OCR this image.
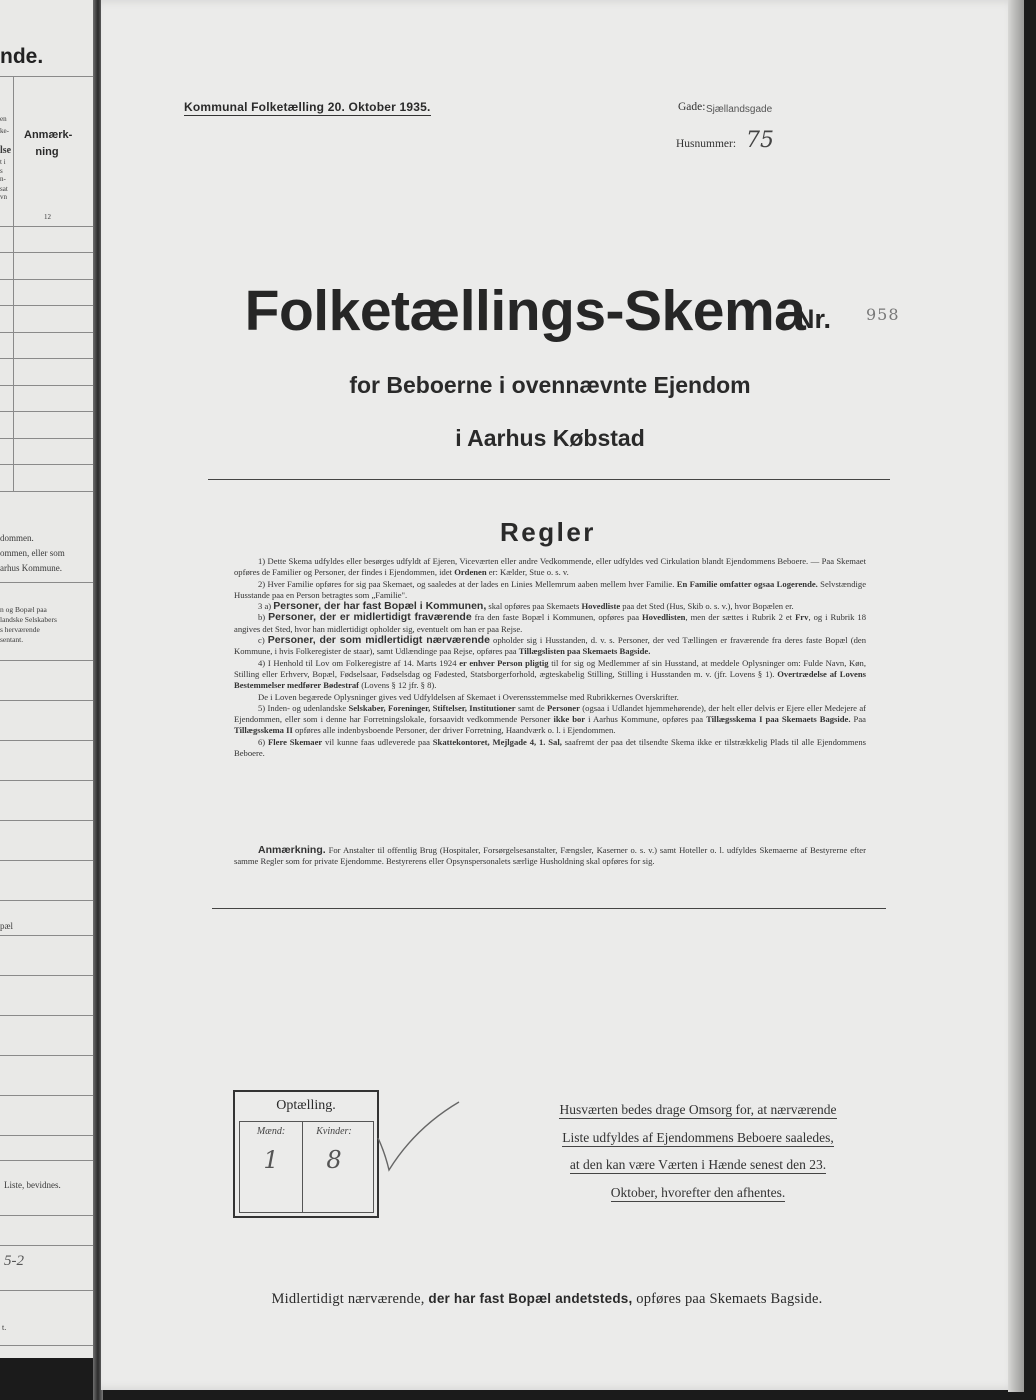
nde.
en
ke-
lse
t i
s
n-
sat
vn
Anmærk-
ning
12
dommen.
ommen, eller som
arhus Kommune.
n og Bopæl paa
landske Selskabers
s herværende
sentant.
pæl
Liste, bevidnes.
5-2
t.
Kommunal Folketælling 20. Oktober 1935.	Gade: Sjællandsgade
Husnummer: 75
Folketællings-Skema
Nr. 958
for Beboerne i ovennævnte Ejendom
i Aarhus Købstad
Regler

1) Dette Skema udfyldes eller besørges udfyldt af Ejeren, Viceværten eller andre Vedkommende, eller udfyldes ved Cirkulation blandt Ejendommens Beboere. — Paa Skemaet opføres de Familier og Personer, der findes i Ejendommen, idet Ordenen er: Kælder, Stue o. s. v.

2) Hver Familie opføres for sig paa Skemaet, og saaledes at der lades en Linies Mellemrum aaben mellem hver Familie. En Familie omfatter ogsaa Logerende. Selvstændige Husstande paa en Person betragtes som „Familie".

3 a) Personer, der har fast Bopæl i Kommunen, skal opføres paa Skemaets Hovedliste paa det Sted (Hus, Skib o. s. v.), hvor Bopælen er.

b) Personer, der er midlertidigt fraværende fra den faste Bopæl i Kommunen, opføres paa Hovedlisten, men der sættes i Rubrik 2 et Frv, og i Rubrik 18 angives det Sted, hvor han midlertidigt opholder sig, eventuelt om han er paa Rejse.

c) Personer, der som midlertidigt nærværende opholder sig i Husstanden, d. v. s. Personer, der ved Tællingen er fraværende fra deres faste Bopæl (den Kommune, i hvis Folkeregister de staar), samt Udlændinge paa Rejse, opføres paa Tillægslisten paa Skemaets Bagside.

4) I Henhold til Lov om Folkeregistre af 14. Marts 1924 er enhver Person pligtig til for sig og Medlemmer af sin Husstand, at meddele Oplysninger om: Fulde Navn, Køn, Stilling eller Erhverv, Bopæl, Fødselsaar, Fødselsdag og Fødested, Statsborgerforhold, ægteskabelig Stilling, Stilling i Husstanden m. v. (jfr. Lovens § 1). Overtrædelse af Lovens Bestemmelser medfører Bødestraf (Lovens § 12 jfr. § 8).

De i Loven begærede Oplysninger gives ved Udfyldelsen af Skemaet i Overensstemmelse med Rubrikkernes Overskrifter.

5) Inden- og udenlandske Selskaber, Foreninger, Stiftelser, Institutioner samt de Personer (ogsaa i Udlandet hjemmehørende), der helt eller delvis er Ejere eller Medejere af Ejendommen, eller som i denne har Forretningslokale, forsaavidt vedkommende Personer ikke bor i Aarhus Kommune, opføres paa Tillægsskema I paa Skemaets Bagside. Paa Tillægsskema II opføres alle indenbysboende Personer, der driver Forretning, Haandværk o. l. i Ejendommen.

6) Flere Skemaer vil kunne faas udleverede paa Skattekontoret, Mejlgade 4, 1. Sal, saafremt der paa det tilsendte Skema ikke er tilstrækkelig Plads til alle Ejendommens Beboere.

Anmærkning. For Anstalter til offentlig Brug (Hospitaler, Forsørgelsesanstalter, Fængsler, Kaserner o. s. v.) samt Hoteller o. l. udfyldes Skemaerne af Bestyrerne efter samme Regler som for private Ejendomme. Bestyrerens eller Opsynspersonalets særlige Husholdning skal opføres for sig.

Optælling.
Mænd:	Kvinder:
1	8
Husværten bedes drage Omsorg for, at nærværende
Liste udfyldes af Ejendommens Beboere saaledes,
at den kan være Værten i Hænde senest den 23.
Oktober, hvorefter den afhentes.
Midlertidigt nærværende, der har fast Bopæl andetsteds, opføres paa Skemaets Bagside.
